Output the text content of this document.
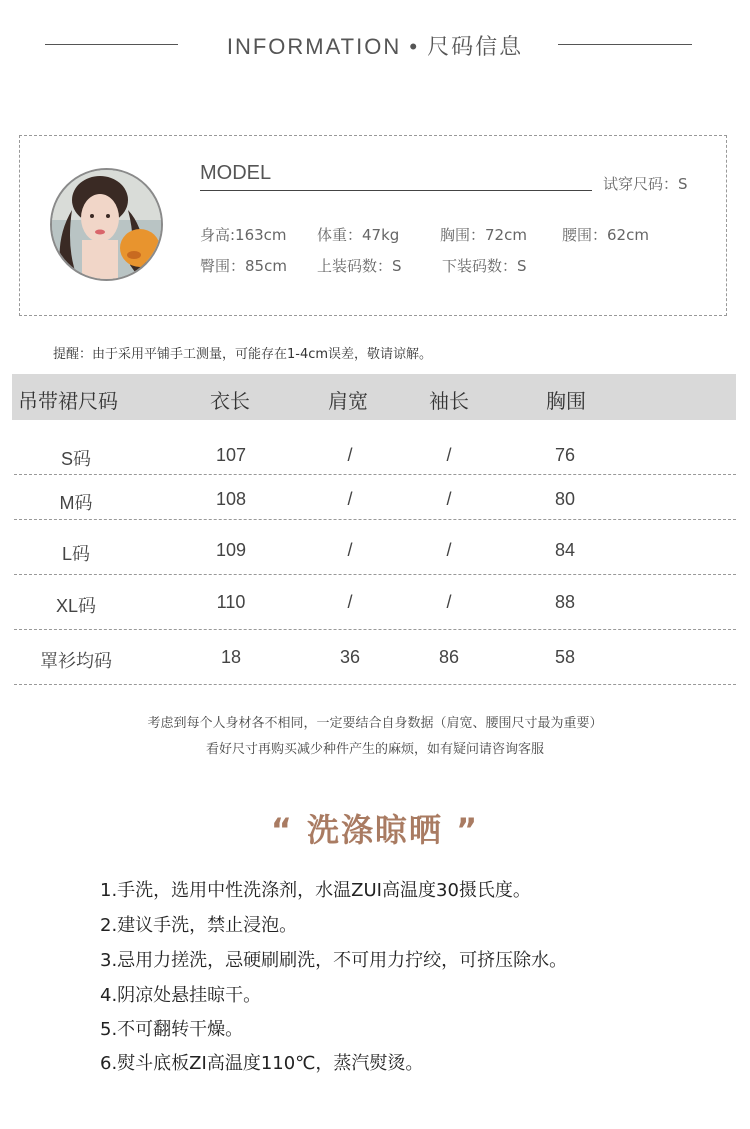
INFORMATION • 尺码信息
MODEL	试穿尺码：S
身高:163cm 体重：47kg	胸围：72cm 腰围：62cm
臀围：85cm 上装码数：S	下装码数：S
提醒：由于采用平铺手工测量，可能存在1-4cm误差，敬请谅解。
吊带裙尺码	衣长	肩宽	袖长	胸围
S码	107	/	/	76
M码	108	/	/	80
L码	109	/	/	84
XL码	110	/	/	88
罩衫均码	18	36	86	58
考虑到每个人身材各不相同，一定要结合自身数据（肩宽、腰围尺寸最为重要）
看好尺寸再购买减少种件产生的麻烦，如有疑问请咨询客服
“ 洗涤晾晒 ”
1.手洗，选用中性洗涤剂，水温ZUI高温度30摄氏度。
2.建议手洗，禁止浸泡。
3.忌用力搓洗，忌硬刷刷洗，不可用力拧绞，可挤压除水。
4.阴凉处悬挂晾干。
5.不可翻转干燥。
6.熨斗底板ZI高温度110℃，蒸汽熨烫。
